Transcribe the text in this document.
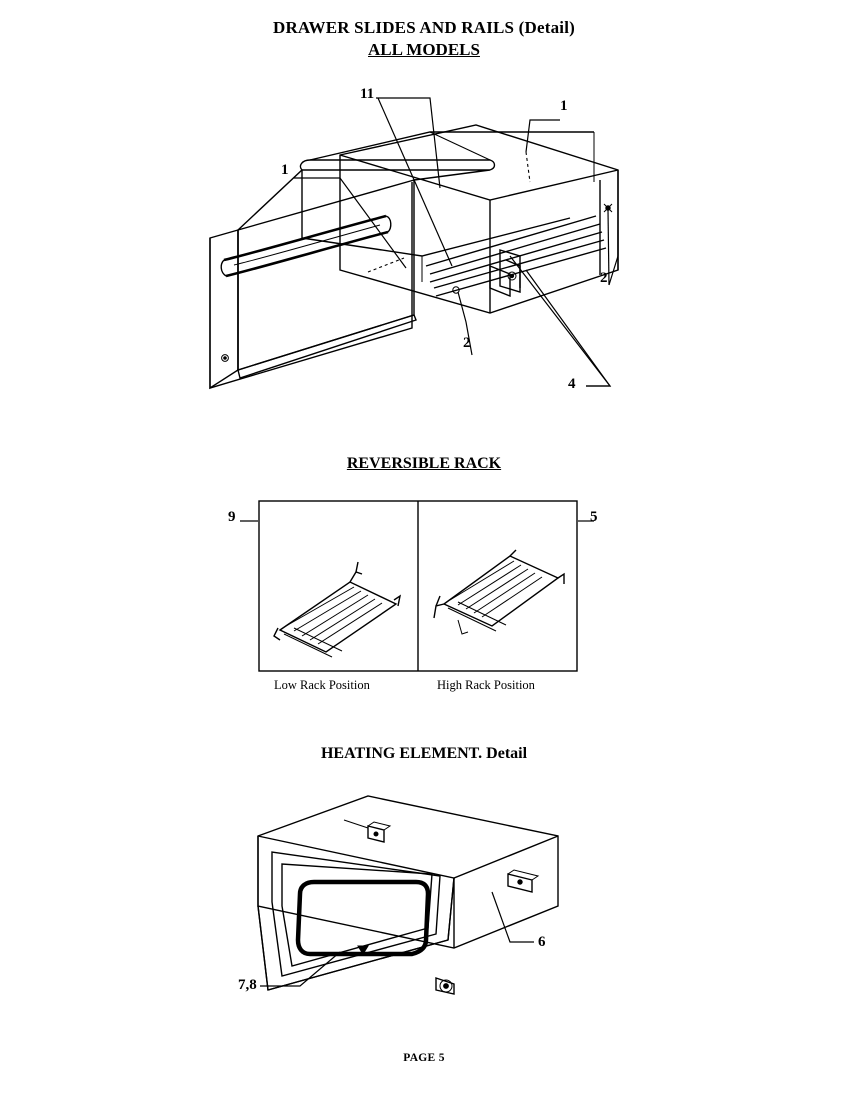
DRAWER SLIDES AND RAILS (Detail)
ALL MODELS
11
1
1
2
2
4
REVERSIBLE RACK
9	5
Low Rack Position	High Rack Position
HEATING ELEMENT. Detail
6
7,8
PAGE 5
